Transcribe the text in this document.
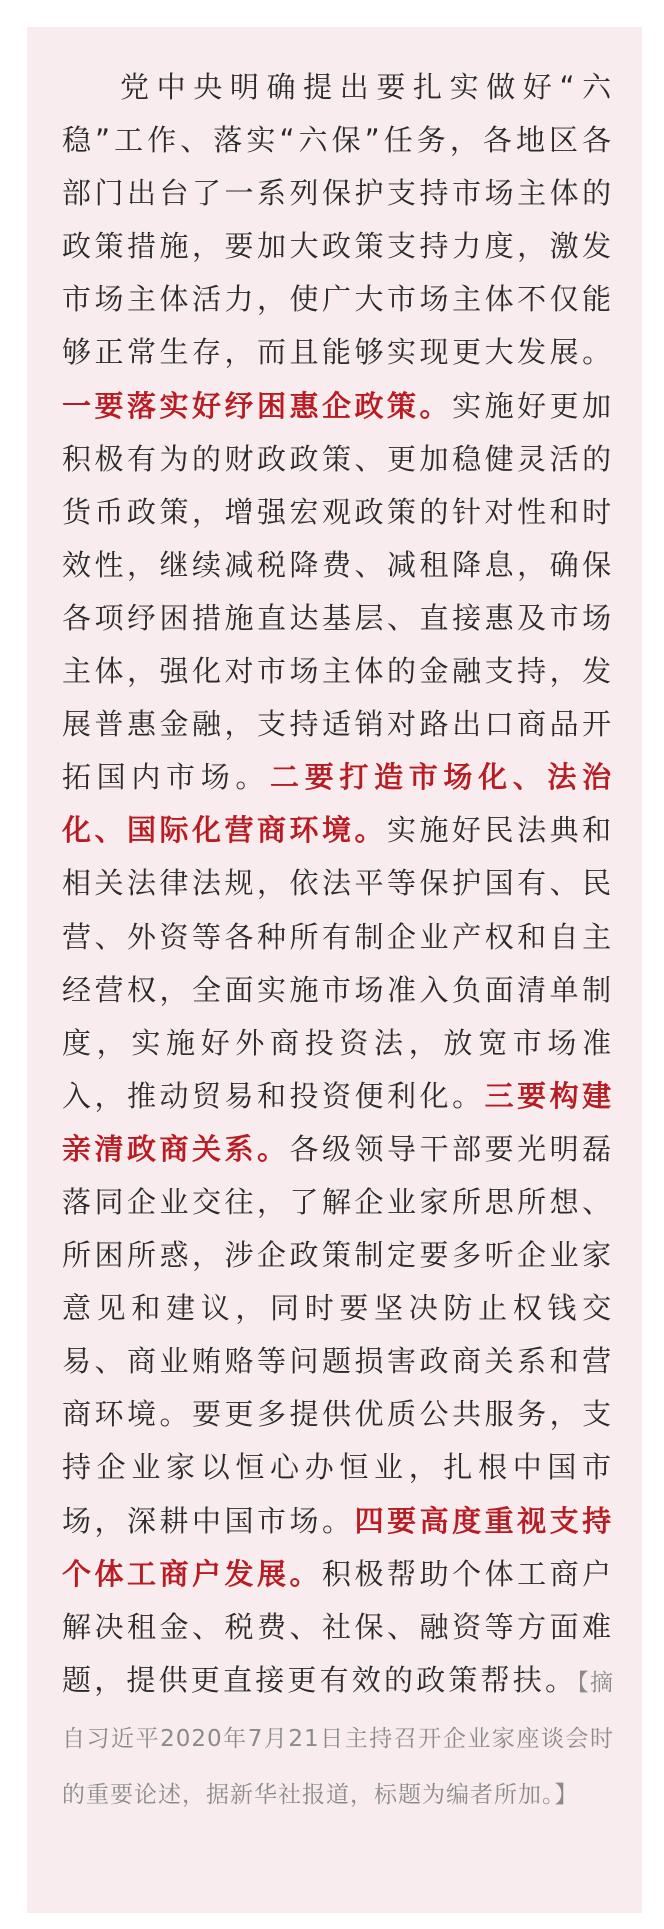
党中央明确提出要扎实做好“六稳”工作、落实“六保”任务，各地区各部门出台了一系列保护支持市场主体的政策措施，要加大政策支持力度，激发市场主体活力，使广大市场主体不仅能够正常生存，而且能够实现更大发展。一要落实好纾困惠企政策。实施好更加积极有为的财政政策、更加稳健灵活的货币政策，增强宏观政策的针对性和时效性，继续减税降费、减租降息，确保各项纾困措施直达基层、直接惠及市场主体，强化对市场主体的金融支持，发展普惠金融，支持适销对路出口商品开拓国内市场。二要打造市场化、法治化、国际化营商环境。实施好民法典和相关法律法规，依法平等保护国有、民营、外资等各种所有制企业产权和自主经营权，全面实施市场准入负面清单制度，实施好外商投资法，放宽市场准入，推动贸易和投资便利化。三要构建亲清政商关系。各级领导干部要光明磊落同企业交往，了解企业家所思所想、所困所惑，涉企政策制定要多听企业家意见和建议，同时要坚决防止权钱交易、商业贿赂等问题损害政商关系和营商环境。要更多提供优质公共服务，支持企业家以恒心办恒业，扎根中国市场，深耕中国市场。四要高度重视支持个体工商户发展。积极帮助个体工商户解决租金、税费、社保、融资等方面难题，提供更直接更有效的政策帮扶。【摘自习近平2020年7月21日主持召开企业家座谈会时的重要论述，据新华社报道，标题为编者所加。】
